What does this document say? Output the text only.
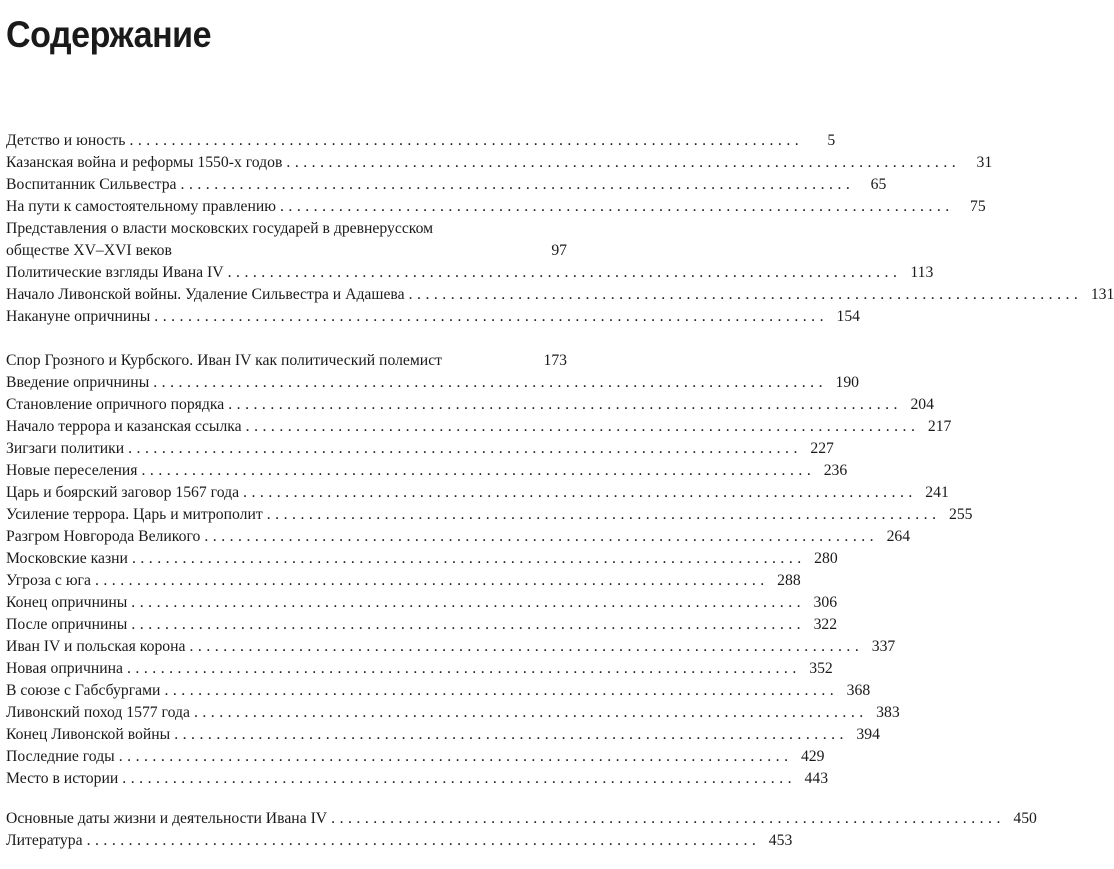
Содержание
Детство и юность ................................................................................	5
Казанская война и реформы 1550-х годов ................................................................................	31
Воспитанник Сильвестра ................................................................................	65
На пути к самостоятельному правлению ................................................................................	75
Представления о власти московских государей в древнерусском обществе XV–XVI веков	97
Политические взгляды Ивана IV ................................................................................ 113
Начало Ливонской войны. Удаление Сильвестра и Адашева ................................................................................ 131
Накануне опричнины ................................................................................ 154
Спор Грозного и Курбского. Иван IV как политический полемист	173
Введение опричнины ................................................................................ 190
Становление опричного порядка ................................................................................ 204
Начало террора и казанская ссылка ................................................................................ 217
Зигзаги политики ................................................................................ 227
Новые переселения ................................................................................ 236
Царь и боярский заговор 1567 года ................................................................................ 241
Усиление террора. Царь и митрополит ................................................................................ 255
Разгром Новгорода Великого ................................................................................ 264
Московские казни ................................................................................ 280
Угроза с юга ................................................................................ 288
Конец опричнины ................................................................................ 306
После опричнины ................................................................................ 322
Иван IV и польская корона ................................................................................ 337
Новая опричнина ................................................................................ 352
В союзе с Габсбургами ................................................................................ 368
Ливонский поход 1577 года ................................................................................ 383
Конец Ливонской войны ................................................................................ 394
Последние годы ................................................................................ 429
Место в истории ................................................................................ 443
Основные даты жизни и деятельности Ивана IV ................................................................................ 450
Литература ................................................................................ 453
